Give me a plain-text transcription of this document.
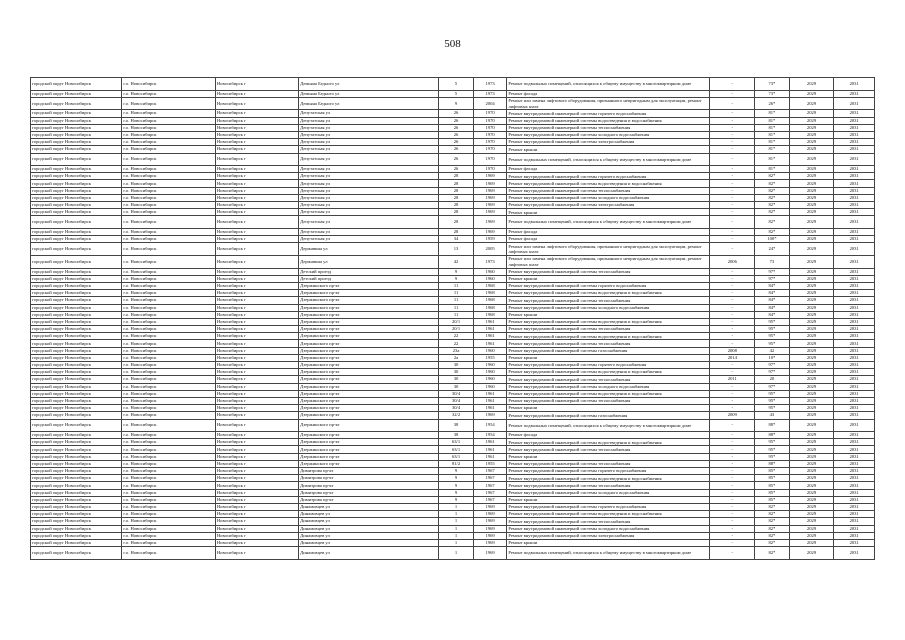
508
городской округ Новосибирск	г.о. Новосибирск	Новосибирск г	Демьяна Бедного ул	5	1973	Ремонт подвальных помещений, относящихся к общему имуществу в многоквартирном доме	-	73*	2029	2031
городской округ Новосибирск	г.о. Новосибирск	Новосибирск г	Демьяна Бедного ул	5	1973	Ремонт фасада	-	73*	2029	2031
городской округ Новосибирск	г.о. Новосибирск	Новосибирск г	Демьяна Бедного ул	9	2004	Ремонт или замена лифтового оборудования, признанного непригодным для эксплуатации, ремонт лифтовых шахт	-	26*	2029	2031
городской округ Новосибирск	г.о. Новосибирск	Новосибирск г	Депутатская ул	26	1970	Ремонт внутридомовой инженерной системы горячего водоснабжения	-	81*	2029	2031
городской округ Новосибирск	г.о. Новосибирск	Новосибирск г	Депутатская ул	26	1970	Ремонт внутридомовой инженерной системы водоотведения и водоснабжения	-	81*	2029	2031
городской округ Новосибирск	г.о. Новосибирск	Новосибирск г	Депутатская ул	26	1970	Ремонт внутридомовой инженерной системы теплоснабжения	-	81*	2029	2031
городской округ Новосибирск	г.о. Новосибирск	Новосибирск г	Депутатская ул	26	1970	Ремонт внутридомовой инженерной системы холодного водоснабжения	-	81*	2029	2031
городской округ Новосибирск	г.о. Новосибирск	Новосибирск г	Депутатская ул	26	1970	Ремонт внутридомовой инженерной системы электроснабжения	-	81*	2029	2031
городской округ Новосибирск	г.о. Новосибирск	Новосибирск г	Депутатская ул	26	1970	Ремонт крыши	-	81*	2029	2031
городской округ Новосибирск	г.о. Новосибирск	Новосибирск г	Депутатская ул	26	1970	Ремонт подвальных помещений, относящихся к общему имуществу в многоквартирном доме	-	81*	2029	2031
городской округ Новосибирск	г.о. Новосибирск	Новосибирск г	Депутатская ул	26	1970	Ремонт фасада	-	81*	2029	2031
городской округ Новосибирск	г.о. Новосибирск	Новосибирск г	Депутатская ул	28	1969	Ремонт внутридомовой инженерной системы горячего водоснабжения	-	82*	2029	2031
городской округ Новосибирск	г.о. Новосибирск	Новосибирск г	Депутатская ул	28	1969	Ремонт внутридомовой инженерной системы водоотведения и водоснабжения	-	82*	2029	2031
городской округ Новосибирск	г.о. Новосибирск	Новосибирск г	Депутатская ул	28	1969	Ремонт внутридомовой инженерной системы теплоснабжения	-	82*	2029	2031
городской округ Новосибирск	г.о. Новосибирск	Новосибирск г	Депутатская ул	28	1969	Ремонт внутридомовой инженерной системы холодного водоснабжения	-	82*	2029	2031
городской округ Новосибирск	г.о. Новосибирск	Новосибирск г	Депутатская ул	28	1969	Ремонт внутридомовой инженерной системы электроснабжения	-	82*	2029	2031
городской округ Новосибирск	г.о. Новосибирск	Новосибирск г	Депутатская ул	28	1969	Ремонт крыши	-	82*	2029	2031
городской округ Новосибирск	г.о. Новосибирск	Новосибирск г	Депутатская ул	28	1969	Ремонт подвальных помещений, относящихся к общему имуществу в многоквартирном доме	-	82*	2029	2031
городской округ Новосибирск	г.о. Новосибирск	Новосибирск г	Депутатская ул	28	1969	Ремонт фасада	-	82*	2029	2031
городской округ Новосибирск	г.о. Новосибирск	Новосибирск г	Депутатская ул	34	1959	Ремонт фасада	-	100*	2029	2031
городской округ Новосибирск	г.о. Новосибирск	Новосибирск г	Державина ул	13	2005	Ремонт или замена лифтового оборудования, признанного непригодным для эксплуатации, ремонт лифтовых шахт	-	24*	2029	2031
городской округ Новосибирск	г.о. Новосибирск	Новосибирск г	Державина ул	42	1973	Ремонт или замена лифтового оборудования, признанного непригодным для эксплуатации, ремонт лифтовых шахт	2006	73	2029	2031
городской округ Новосибирск	г.о. Новосибирск	Новосибирск г	Детский проезд	9	1960	Ремонт внутридомовой инженерной системы теплоснабжения	-	97*	2029	2031
городской округ Новосибирск	г.о. Новосибирск	Новосибирск г	Детский проезд	9	1960	Ремонт крыши	-	97*	2029	2031
городской округ Новосибирск	г.о. Новосибирск	Новосибирск г	Дзержинского пр-кт	11	1968	Ремонт внутридомовой инженерной системы горячего водоснабжения	-	84*	2029	2031
городской округ Новосибирск	г.о. Новосибирск	Новосибирск г	Дзержинского пр-кт	11	1968	Ремонт внутридомовой инженерной системы водоотведения и водоснабжения	-	84*	2029	2031
городской округ Новосибирск	г.о. Новосибирск	Новосибирск г	Дзержинского пр-кт	11	1968	Ремонт внутридомовой инженерной системы теплоснабжения	-	84*	2029	2031
городской округ Новосибирск	г.о. Новосибирск	Новосибирск г	Дзержинского пр-кт	11	1968	Ремонт внутридомовой инженерной системы холодного водоснабжения	-	84*	2029	2031
городской округ Новосибирск	г.о. Новосибирск	Новосибирск г	Дзержинского пр-кт	11	1968	Ремонт крыши	-	84*	2029	2031
городской округ Новосибирск	г.о. Новосибирск	Новосибирск г	Дзержинского пр-кт	20/1	1961	Ремонт внутридомовой инженерной системы водоотведения и водоснабжения	-	95*	2029	2031
городской округ Новосибирск	г.о. Новосибирск	Новосибирск г	Дзержинского пр-кт	20/1	1961	Ремонт внутридомовой инженерной системы теплоснабжения	-	95*	2029	2031
городской округ Новосибирск	г.о. Новосибирск	Новосибирск г	Дзержинского пр-кт	22	1961	Ремонт внутридомовой инженерной системы водоотведения и водоснабжения	-	95*	2029	2031
городской округ Новосибирск	г.о. Новосибирск	Новосибирск г	Дзержинского пр-кт	22	1961	Ремонт внутридомовой инженерной системы теплоснабжения	-	95*	2029	2031
городской округ Новосибирск	г.о. Новосибирск	Новосибирск г	Дзержинского пр-кт	23a	1960	Ремонт внутридомовой инженерной системы газоснабжения	2008	42	2029	2031
городской округ Новосибирск	г.о. Новосибирск	Новосибирск г	Дзержинского пр-кт	2a	1955	Ремонт крыши	2014	10*	2029	2031
городской округ Новосибирск	г.о. Новосибирск	Новосибирск г	Дзержинского пр-кт	30	1960	Ремонт внутридомовой инженерной системы горячего водоснабжения	-	97*	2029	2031
городской округ Новосибирск	г.о. Новосибирск	Новосибирск г	Дзержинского пр-кт	30	1960	Ремонт внутридомовой инженерной системы водоотведения и водоснабжения	-	97*	2029	2031
городской округ Новосибирск	г.о. Новосибирск	Новосибирск г	Дзержинского пр-кт	30	1960	Ремонт внутридомовой инженерной системы теплоснабжения	2011	20	2029	2031
городской округ Новосибирск	г.о. Новосибирск	Новосибирск г	Дзержинского пр-кт	30	1960	Ремонт внутридомовой инженерной системы холодного водоснабжения	-	97*	2029	2031
городской округ Новосибирск	г.о. Новосибирск	Новосибирск г	Дзержинского пр-кт	30/4	1961	Ремонт внутридомовой инженерной системы водоотведения и водоснабжения	-	95*	2029	2031
городской округ Новосибирск	г.о. Новосибирск	Новосибирск г	Дзержинского пр-кт	30/4	1961	Ремонт внутридомовой инженерной системы теплоснабжения	-	95*	2029	2031
городской округ Новосибирск	г.о. Новосибирск	Новосибирск г	Дзержинского пр-кт	30/4	1961	Ремонт крыши	-	95*	2029	2031
городской округ Новосибирск	г.о. Новосибирск	Новосибирск г	Дзержинского пр-кт	32/2	1969	Ремонт внутридомовой инженерной системы газоснабжения	2009	43	2029	2031
городской округ Новосибирск	г.о. Новосибирск	Новосибирск г	Дзержинского пр-кт	38	1954	Ремонт подвальных помещений, относящихся к общему имуществу в многоквартирном доме	-	88*	2029	2031
городской округ Новосибирск	г.о. Новосибирск	Новосибирск г	Дзержинского пр-кт	38	1954	Ремонт фасада	-	88*	2029	2031
городской округ Новосибирск	г.о. Новосибирск	Новосибирск г	Дзержинского пр-кт	63/1	1961	Ремонт внутридомовой инженерной системы водоотведения и водоснабжения	-	95*	2029	2031
городской округ Новосибирск	г.о. Новосибирск	Новосибирск г	Дзержинского пр-кт	63/1	1961	Ремонт внутридомовой инженерной системы теплоснабжения	-	95*	2029	2031
городской округ Новосибирск	г.о. Новосибирск	Новосибирск г	Дзержинского пр-кт	63/1	1961	Ремонт крыши	-	95*	2029	2031
городской округ Новосибирск	г.о. Новосибирск	Новосибирск г	Дзержинского пр-кт	81/2	1955	Ремонт внутридомовой инженерной системы теплоснабжения	-	88*	2029	2031
городской округ Новосибирск	г.о. Новосибирск	Новосибирск г	Димитрова пр-кт	9	1967	Ремонт внутридомовой инженерной системы горячего водоснабжения	-	85*	2029	2031
городской округ Новосибирск	г.о. Новосибирск	Новосибирск г	Димитрова пр-кт	9	1967	Ремонт внутридомовой инженерной системы водоотведения и водоснабжения	-	85*	2029	2031
городской округ Новосибирск	г.о. Новосибирск	Новосибирск г	Димитрова пр-кт	9	1967	Ремонт внутридомовой инженерной системы теплоснабжения	-	85*	2029	2031
городской округ Новосибирск	г.о. Новосибирск	Новосибирск г	Димитрова пр-кт	9	1967	Ремонт внутридомовой инженерной системы холодного водоснабжения	-	85*	2029	2031
городской округ Новосибирск	г.о. Новосибирск	Новосибирск г	Димитрова пр-кт	9	1967	Ремонт крыши	-	85*	2029	2031
городской округ Новосибирск	г.о. Новосибирск	Новосибирск г	Динамовцев ул	1	1969	Ремонт внутридомовой инженерной системы горячего водоснабжения	-	82*	2029	2031
городской округ Новосибирск	г.о. Новосибирск	Новосибирск г	Динамовцев ул	1	1969	Ремонт внутридомовой инженерной системы водоотведения и водоснабжения	-	82*	2029	2031
городской округ Новосибирск	г.о. Новосибирск	Новосибирск г	Динамовцев ул	1	1969	Ремонт внутридомовой инженерной системы теплоснабжения	-	82*	2029	2031
городской округ Новосибирск	г.о. Новосибирск	Новосибирск г	Динамовцев ул	1	1969	Ремонт внутридомовой инженерной системы холодного водоснабжения	-	82*	2029	2031
городской округ Новосибирск	г.о. Новосибирск	Новосибирск г	Динамовцев ул	1	1969	Ремонт внутридомовой инженерной системы электроснабжения	-	82*	2029	2031
городской округ Новосибирск	г.о. Новосибирск	Новосибирск г	Динамовцев ул	1	1969	Ремонт крыши	-	82*	2029	2031
городской округ Новосибирск	г.о. Новосибирск	Новосибирск г	Динамовцев ул	1	1969	Ремонт подвальных помещений, относящихся к общему имуществу в многоквартирном доме	-	82*	2029	2031
